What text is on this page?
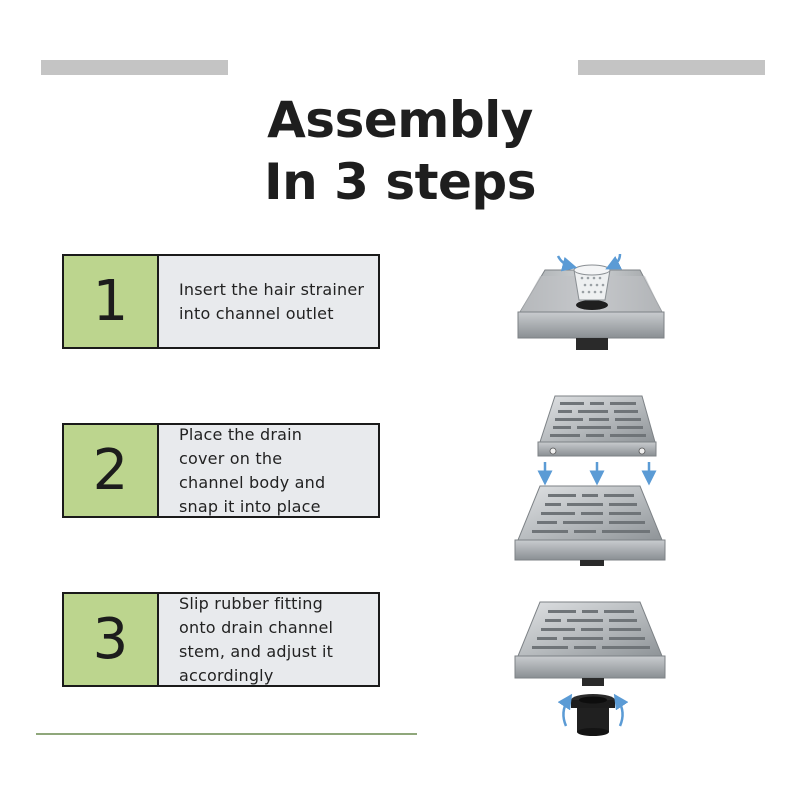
Assembly
In 3 steps
1	Insert the hair strainer
into channel outlet
2
Place the drain
cover on the
channel body and
snap it into place
3
Slip rubber fitting
onto drain channel
stem, and adjust it
accordingly
